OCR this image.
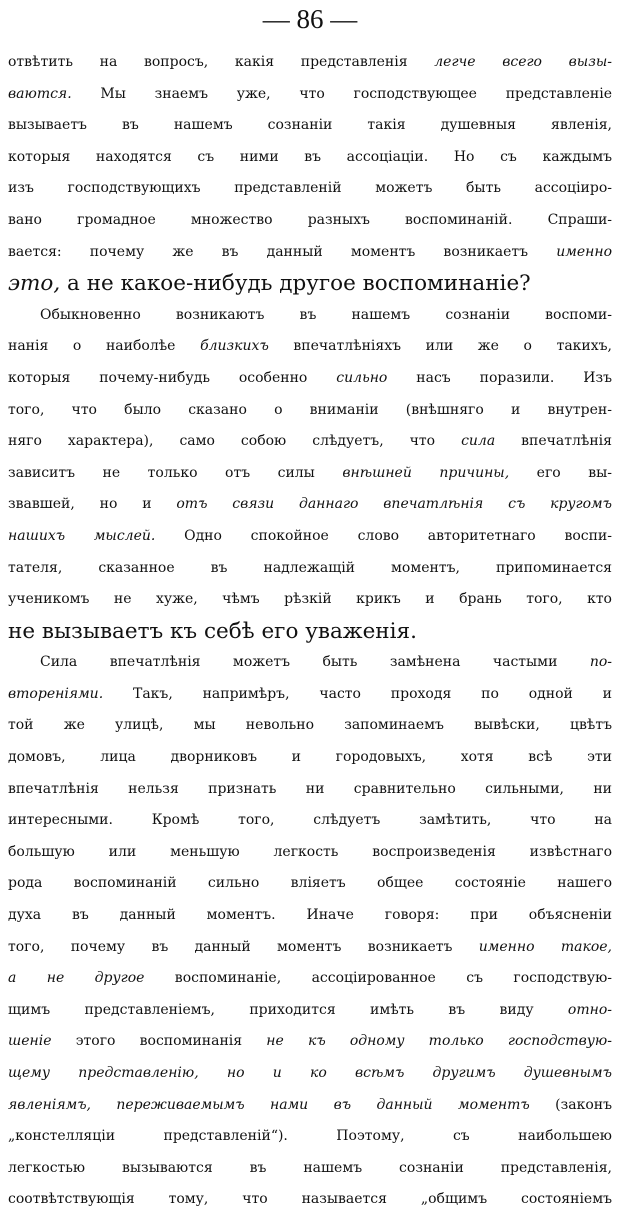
— 86 —
отвѣтить на вопросъ, какія представленія легче всего вызы-
ваются. Мы знаемъ уже, что господствующее представленіе
вызываетъ въ нашемъ сознаніи такія душевныя явленія,
которыя находятся съ ними въ ассоціаціи. Но съ каждымъ
изъ господствующихъ представленій можетъ быть ассоціиро-
вано громадное множество разныхъ воспоминаній. Спраши-
вается: почему же въ данный моментъ возникаетъ именно
это, а не какое-нибудь другое воспоминаніе?
Обыкновенно возникаютъ въ нашемъ сознаніи воспоми-
нанія о наиболѣе близкихъ впечатлѣніяхъ или же о такихъ,
которыя почему-нибудь особенно сильно насъ поразили. Изъ
того, что было сказано о вниманіи (внѣшняго и внутрен-
няго характера), само собою слѣдуетъ, что сила впечатлѣнія
зависитъ не только отъ силы внѣшней причины, его вы-
звавшей, но и отъ связи даннаго впечатлѣнія съ кругомъ
нашихъ мыслей. Одно спокойное слово авторитетнаго воспи-
тателя, сказанное въ надлежащій моментъ, припоминается
ученикомъ не хуже, чѣмъ рѣзкій крикъ и брань того, кто
не вызываетъ къ себѣ его уваженія.
Сила впечатлѣнія можетъ быть замѣнена частыми по-
вторенiями. Такъ, напримѣръ, часто проходя по одной и
той же улицѣ, мы невольно запоминаемъ вывѣски, цвѣтъ
домовъ, лица дворниковъ и городовыхъ, хотя всѣ эти
впечатлѣнія нельзя признать ни сравнительно сильными, ни
интересными. Кромѣ того, слѣдуетъ замѣтить, что на
большую или меньшую легкость воспроизведенія извѣстнаго
рода воспоминаній сильно вліяетъ общее состояніе нашего
духа въ данный моментъ. Иначе говоря: при объясненіи
того, почему въ данный моментъ возникаетъ именно такое,
а не другое воспоминаніе, ассоціированное съ господствую-
щимъ представленіемъ, приходится имѣть въ виду отно-
шеніе этого воспоминанія не къ одному только господствую-
щему представленію, но и ко всѣмъ другимъ душевнымъ
явленіямъ, переживаемымъ нами въ данный моментъ (законъ
„констелляціи представленій“). Поэтому, съ наибольшею
легкостью вызываются въ нашемъ сознаніи представленія,
соотвѣтствующія тому, что называется „общимъ состояніемъ
